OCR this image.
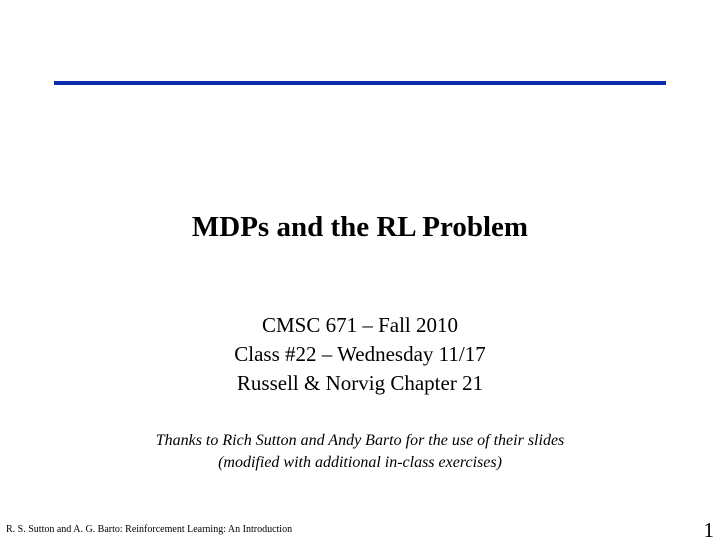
MDPs and the RL Problem
CMSC 671 – Fall 2010
Class #22 – Wednesday 11/17
Russell & Norvig Chapter 21
Thanks to Rich Sutton and Andy Barto for the use of their slides
(modified with additional in-class exercises)
R. S. Sutton and A. G. Barto: Reinforcement Learning: An Introduction	1
